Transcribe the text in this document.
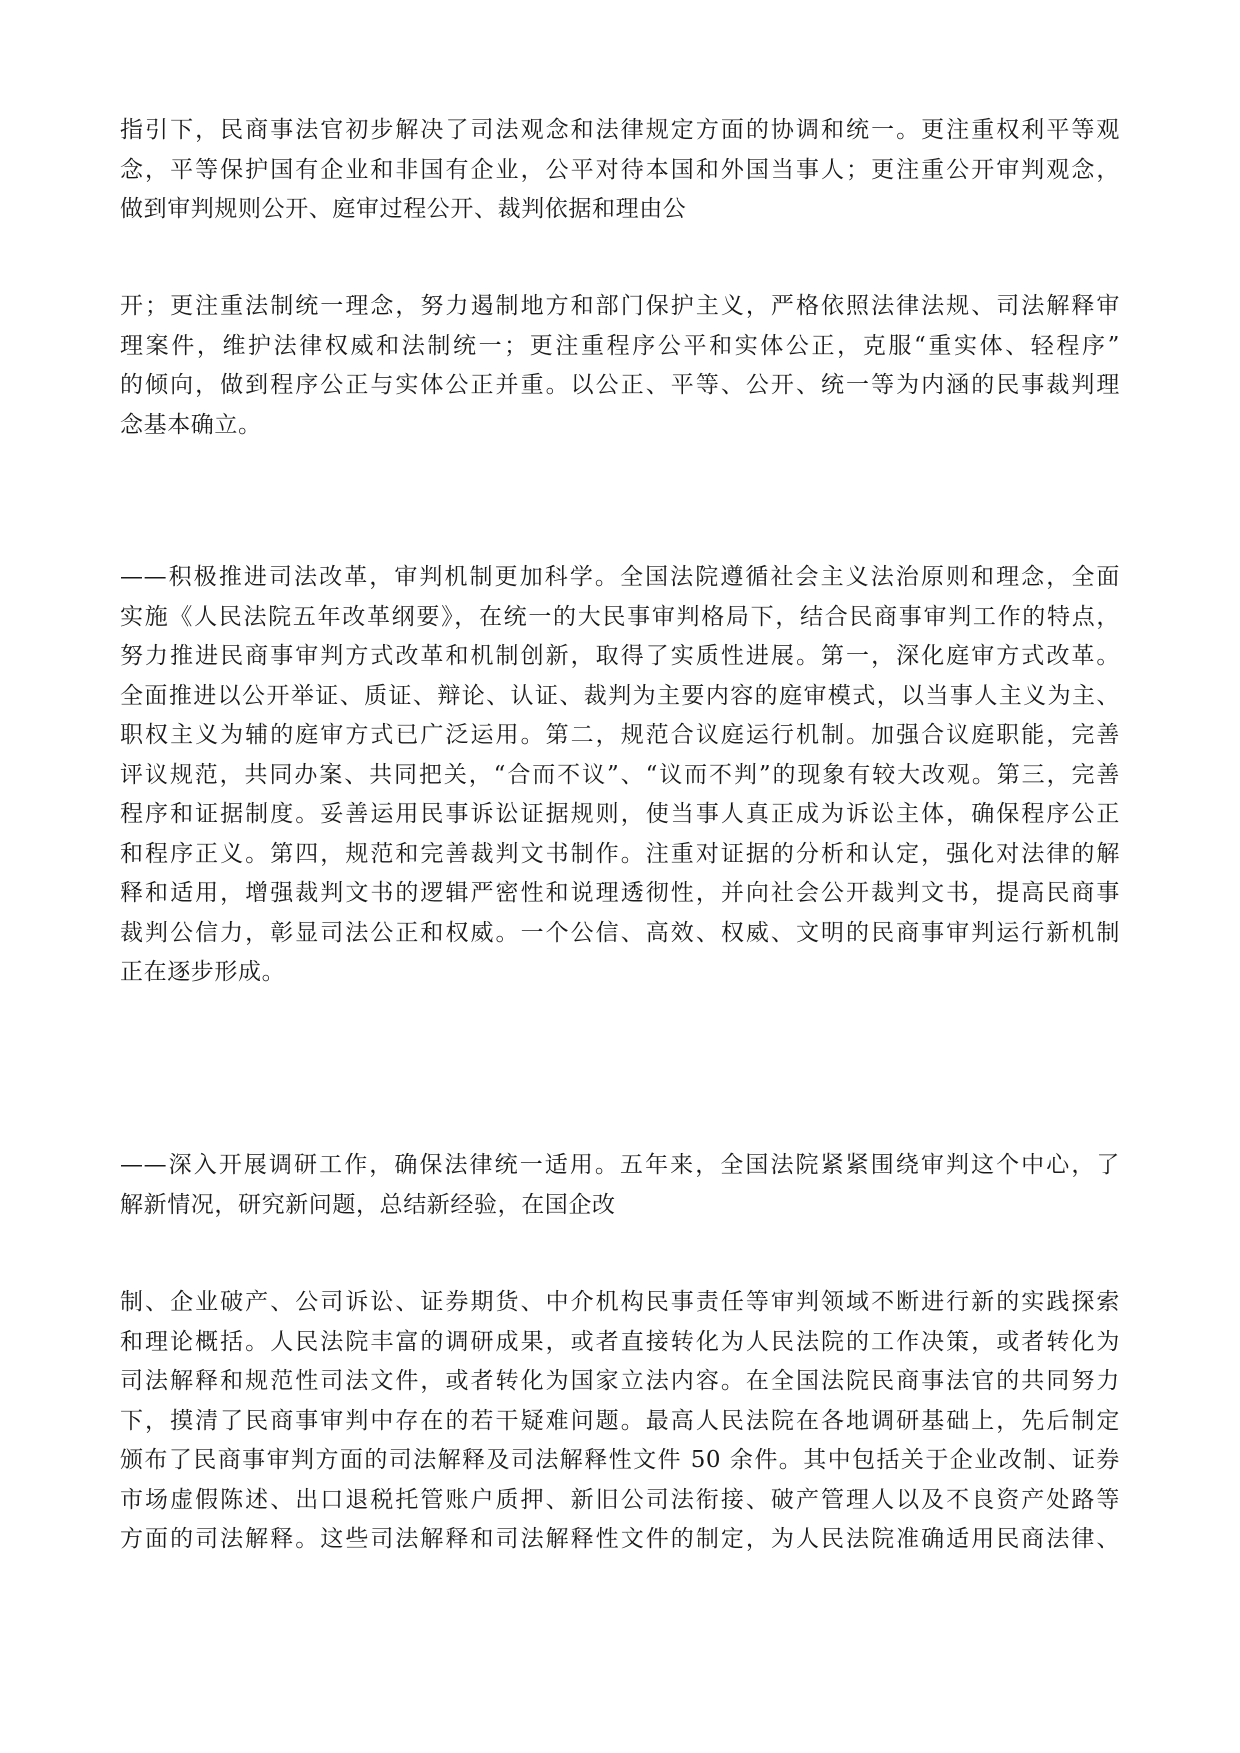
指引下，民商事法官初步解决了司法观念和法律规定方面的协调和统一。更注重权利平等观
念，平等保护国有企业和非国有企业，公平对待本国和外国当事人；更注重公开审判观念，
做到审判规则公开、庭审过程公开、裁判依据和理由公
开；更注重法制统一理念，努力遏制地方和部门保护主义，严格依照法律法规、司法解释审
理案件，维护法律权威和法制统一；更注重程序公平和实体公正，克服“重实体、轻程序”
的倾向，做到程序公正与实体公正并重。以公正、平等、公开、统一等为内涵的民事裁判理
念基本确立。
——积极推进司法改革，审判机制更加科学。全国法院遵循社会主义法治原则和理念，全面
实施《人民法院五年改革纲要》，在统一的大民事审判格局下，结合民商事审判工作的特点，
努力推进民商事审判方式改革和机制创新，取得了实质性进展。第一，深化庭审方式改革。
全面推进以公开举证、质证、辩论、认证、裁判为主要内容的庭审模式，以当事人主义为主、
职权主义为辅的庭审方式已广泛运用。第二，规范合议庭运行机制。加强合议庭职能，完善
评议规范，共同办案、共同把关，“合而不议”、“议而不判”的现象有较大改观。第三，完善
程序和证据制度。妥善运用民事诉讼证据规则，使当事人真正成为诉讼主体，确保程序公正
和程序正义。第四，规范和完善裁判文书制作。注重对证据的分析和认定，强化对法律的解
释和适用，增强裁判文书的逻辑严密性和说理透彻性，并向社会公开裁判文书，提高民商事
裁判公信力，彰显司法公正和权威。一个公信、高效、权威、文明的民商事审判运行新机制
正在逐步形成。
——深入开展调研工作，确保法律统一适用。五年来，全国法院紧紧围绕审判这个中心，了
解新情况，研究新问题，总结新经验，在国企改
制、企业破产、公司诉讼、证券期货、中介机构民事责任等审判领域不断进行新的实践探索
和理论概括。人民法院丰富的调研成果，或者直接转化为人民法院的工作决策，或者转化为
司法解释和规范性司法文件，或者转化为国家立法内容。在全国法院民商事法官的共同努力
下，摸清了民商事审判中存在的若干疑难问题。最高人民法院在各地调研基础上，先后制定
颁布了民商事审判方面的司法解释及司法解释性文件 50 余件。其中包括关于企业改制、证券
市场虚假陈述、出口退税托管账户质押、新旧公司法衔接、破产管理人以及不良资产处路等
方面的司法解释。这些司法解释和司法解释性文件的制定，为人民法院准确适用民商法律、
